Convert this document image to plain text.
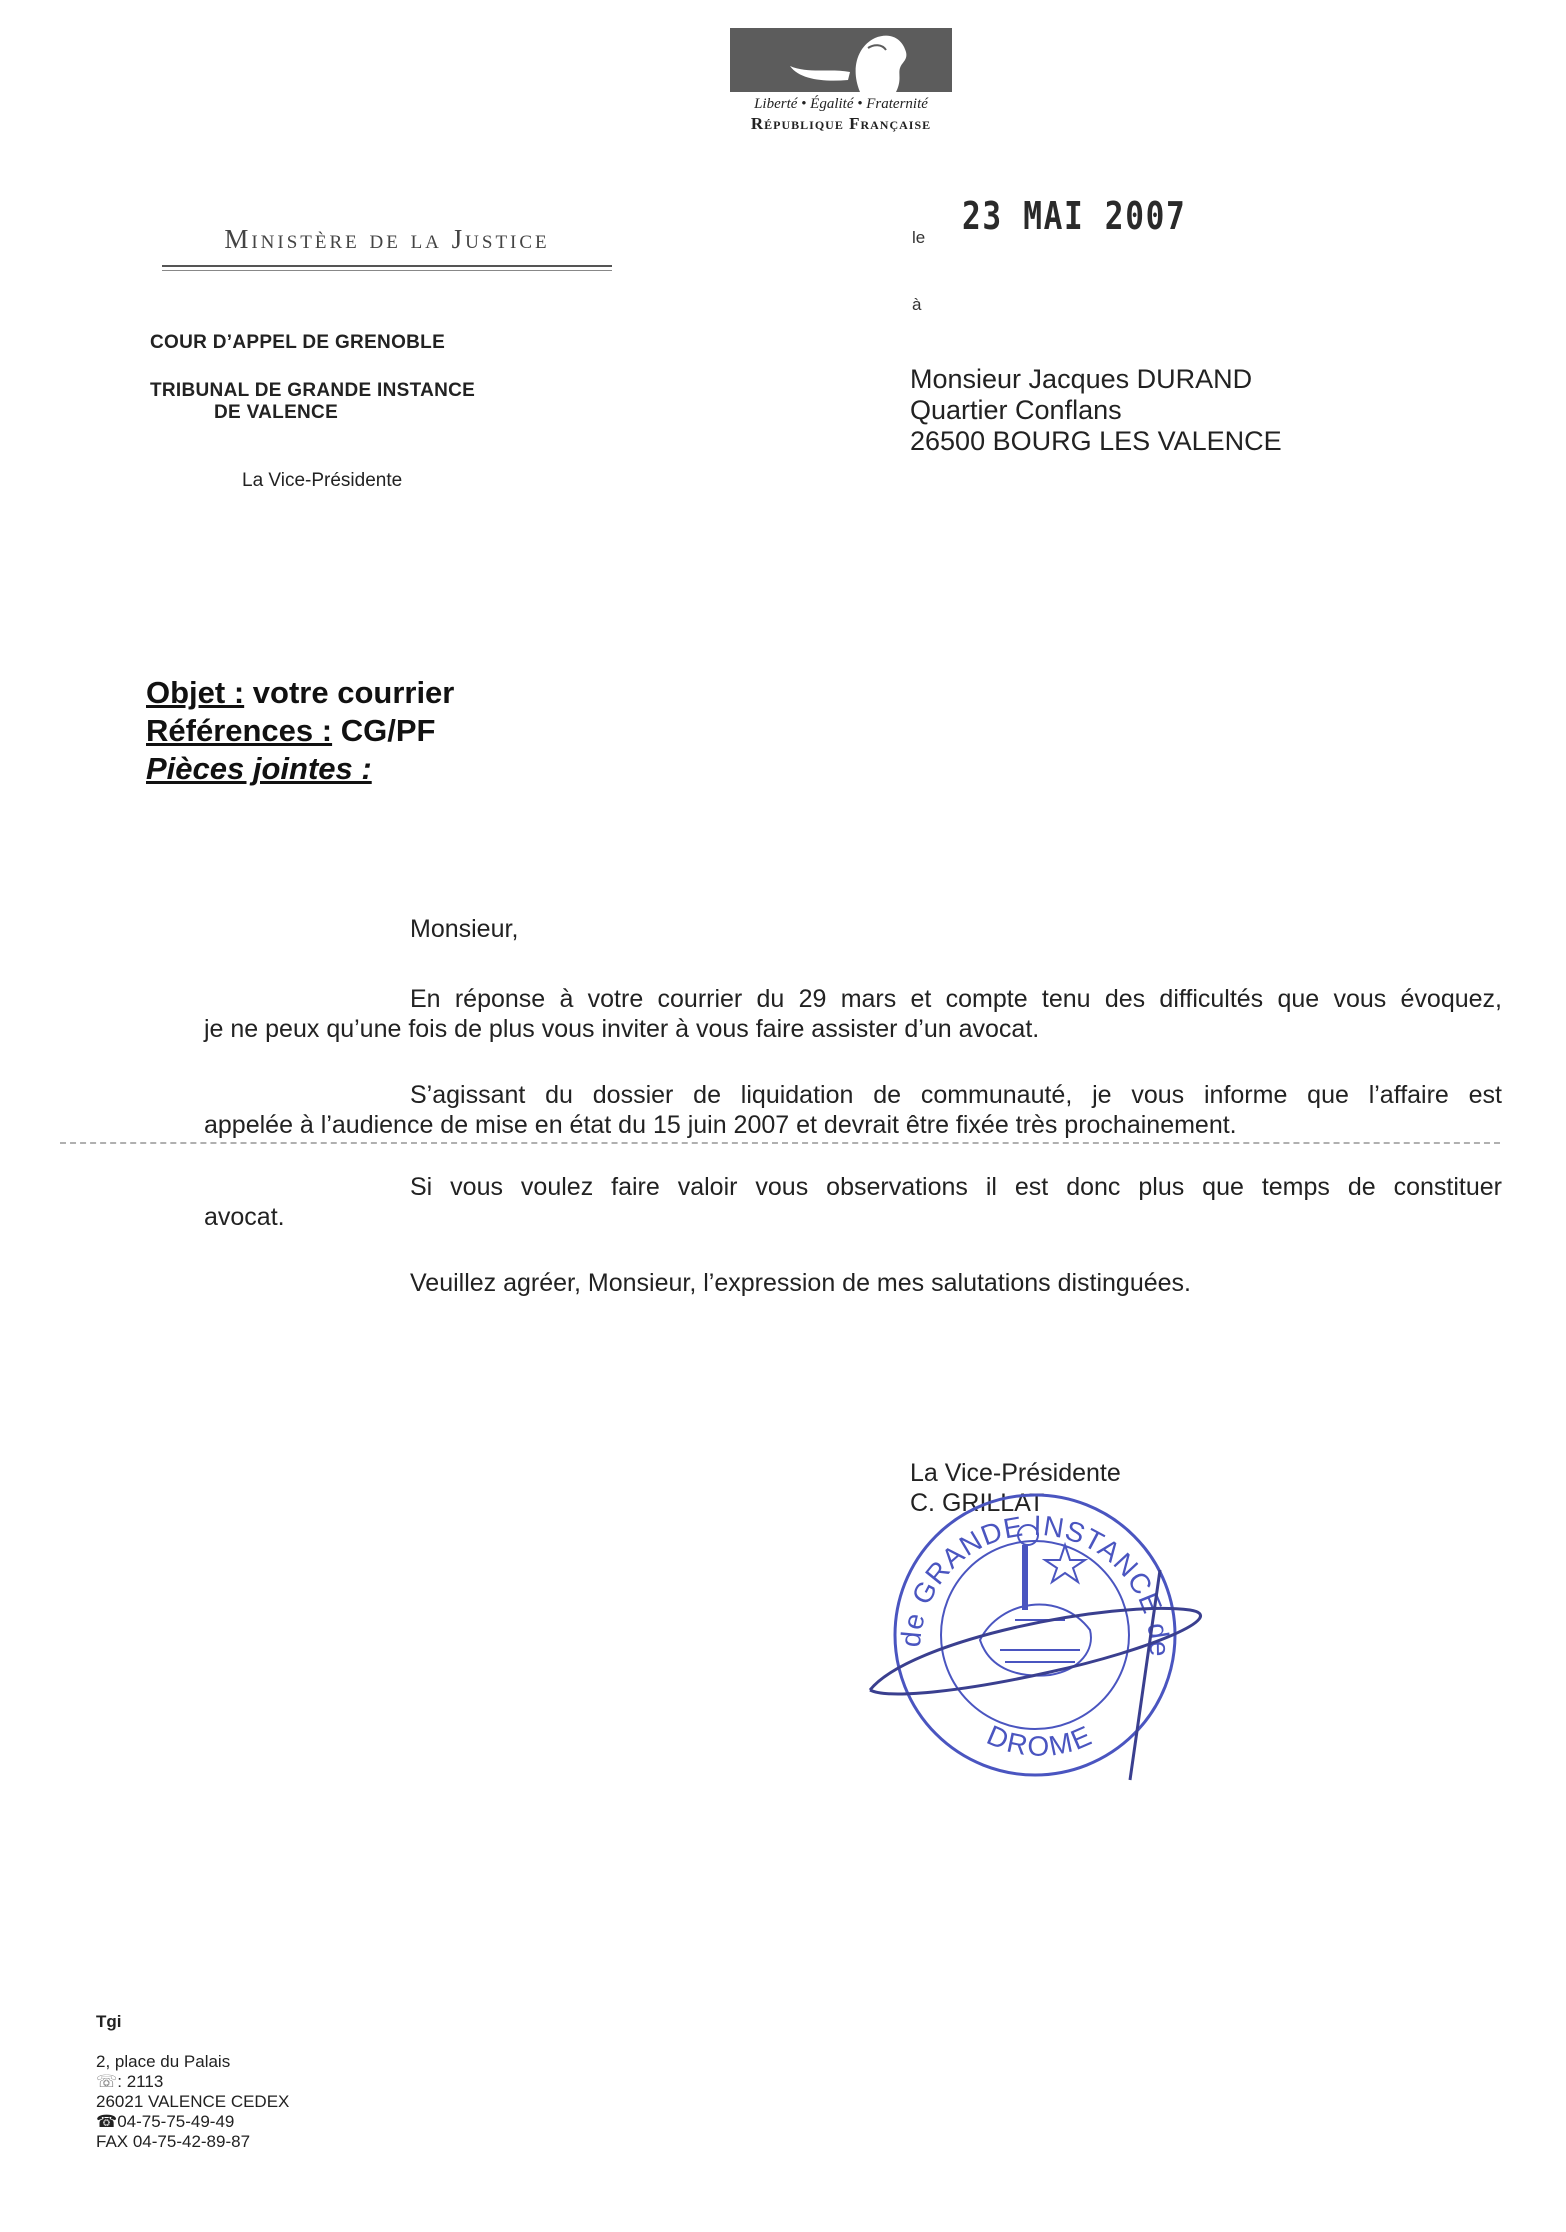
Liberté • Égalité • Fraternité
République Française
Ministère de la Justice
COUR D’APPEL DE GRENOBLE
TRIBUNAL DE GRANDE INSTANCE
DE VALENCE
La Vice-Présidente
le 23 MAI 2007
à
Monsieur Jacques DURAND
Quartier Conflans
26500 BOURG LES VALENCE
Objet : votre courrier
Références : CG/PF
Pièces jointes :
Monsieur,
En réponse à votre courrier du 29 mars et compte tenu des difficultés que vous évoquez,
je ne peux qu’une fois de plus vous inviter à vous faire assister d’un avocat.
S’agissant du dossier de liquidation de communauté, je vous informe que l’affaire est
appelée à l’audience de mise en état du 15 juin 2007 et devrait être fixée très prochainement.
Si vous voulez faire valoir vous observations il est donc plus que temps de constituer
avocat.
Veuillez agréer, Monsieur, l’expression de mes salutations distinguées.
La Vice-Présidente
C. GRILLAT
de GRANDE INSTANCE de
DROME
Tgi
2, place du Palais
☏: 2113
26021 VALENCE CEDEX
☎04-75-75-49-49
FAX 04-75-42-89-87
